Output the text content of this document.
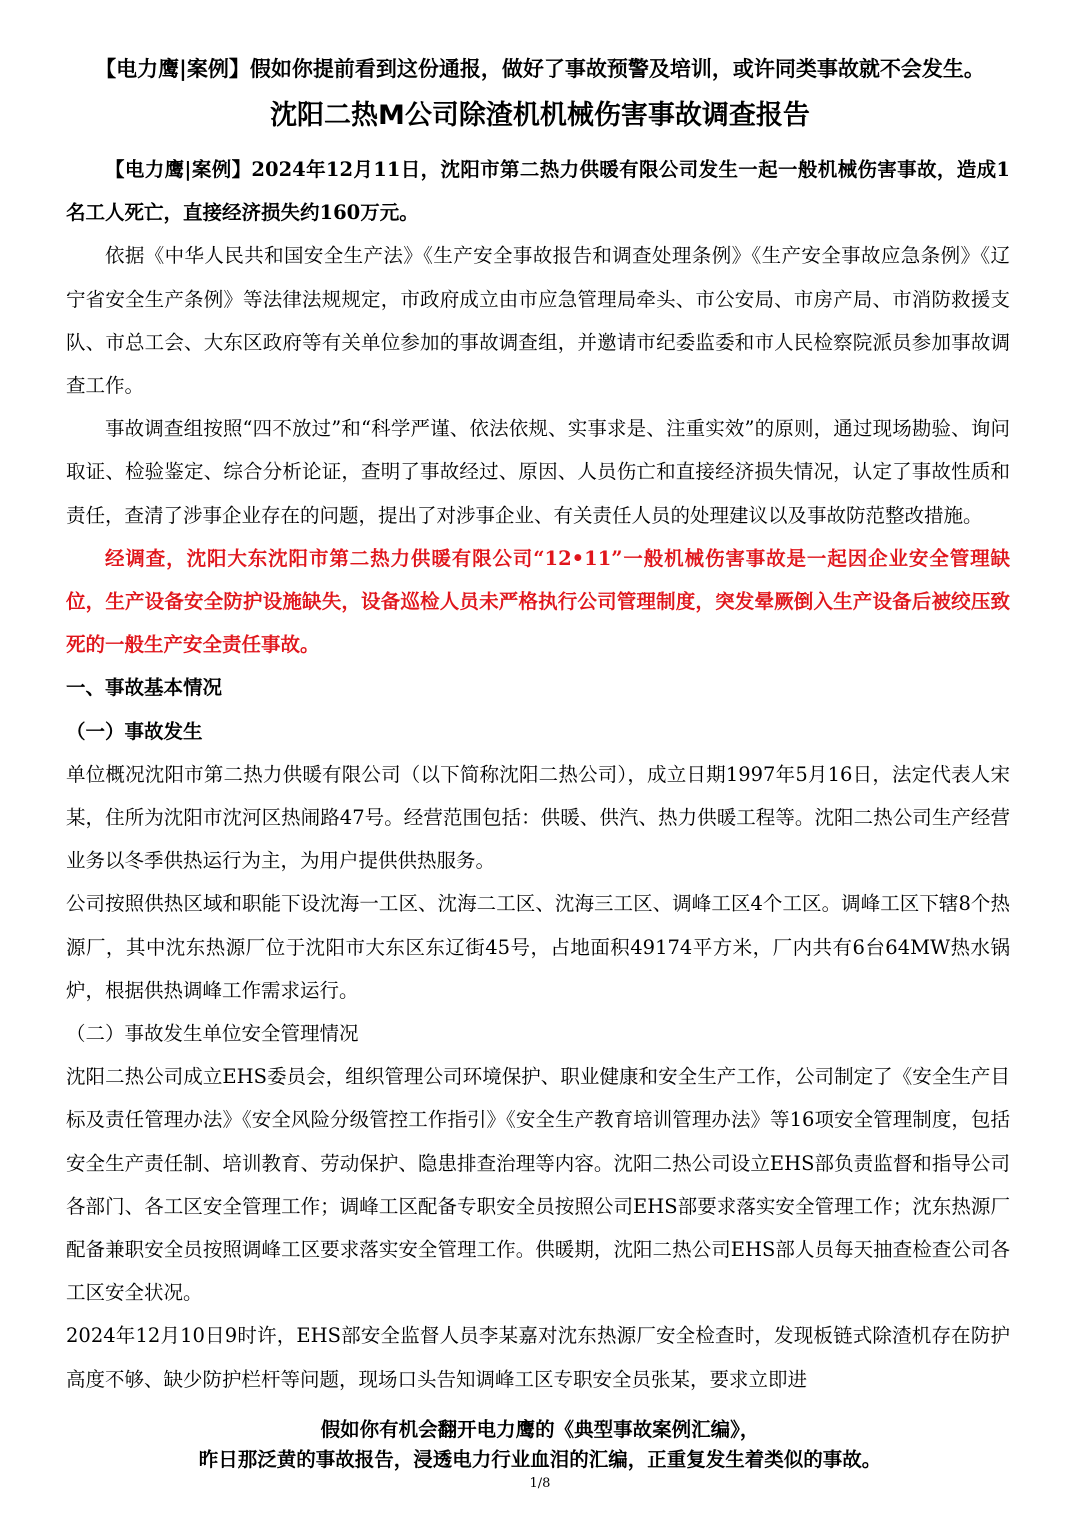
【电力鹰|案例】假如你提前看到这份通报，做好了事故预警及培训，或许同类事故就不会发生。
沈阳二热M公司除渣机机械伤害事故调查报告

【电力鹰|案例】2024年12月11日，沈阳市第二热力供暖有限公司发生一起一般机械伤害事故，造成1名工人死亡，直接经济损失约160万元。

依据《中华人民共和国安全生产法》《生产安全事故报告和调查处理条例》《生产安全事故应急条例》《辽宁省安全生产条例》等法律法规规定，市政府成立由市应急管理局牵头、市公安局、市房产局、市消防救援支队、市总工会、大东区政府等有关单位参加的事故调查组，并邀请市纪委监委和市人民检察院派员参加事故调查工作。

事故调查组按照“四不放过”和“科学严谨、依法依规、实事求是、注重实效”的原则，通过现场勘验、询问取证、检验鉴定、综合分析论证，查明了事故经过、原因、人员伤亡和直接经济损失情况，认定了事故性质和责任，查清了涉事企业存在的问题，提出了对涉事企业、有关责任人员的处理建议以及事故防范整改措施。

经调查，沈阳大东沈阳市第二热力供暖有限公司“12•11”一般机械伤害事故是一起因企业安全管理缺位，生产设备安全防护设施缺失，设备巡检人员未严格执行公司管理制度，突发晕厥倒入生产设备后被绞压致死的一般生产安全责任事故。

一、事故基本情况

（一）事故发生

单位概况沈阳市第二热力供暖有限公司（以下简称沈阳二热公司），成立日期1997年5月16日，法定代表人宋某，住所为沈阳市沈河区热闹路47号。经营范围包括：供暖、供汽、热力供暖工程等。沈阳二热公司生产经营业务以冬季供热运行为主，为用户提供供热服务。

公司按照供热区域和职能下设沈海一工区、沈海二工区、沈海三工区、调峰工区4个工区。调峰工区下辖8个热源厂，其中沈东热源厂位于沈阳市大东区东辽街45号，占地面积49174平方米，厂内共有6台64MW热水锅炉，根据供热调峰工作需求运行。

（二）事故发生单位安全管理情况

沈阳二热公司成立EHS委员会，组织管理公司环境保护、职业健康和安全生产工作，公司制定了《安全生产目标及责任管理办法》《安全风险分级管控工作指引》《安全生产教育培训管理办法》等16项安全管理制度，包括安全生产责任制、培训教育、劳动保护、隐患排查治理等内容。沈阳二热公司设立EHS部负责监督和指导公司各部门、各工区安全管理工作；调峰工区配备专职安全员按照公司EHS部要求落实安全管理工作；沈东热源厂配备兼职安全员按照调峰工区要求落实安全管理工作。供暖期，沈阳二热公司EHS部人员每天抽查检查公司各工区安全状况。

2024年12月10日9时许，EHS部安全监督人员李某嘉对沈东热源厂安全检查时，发现板链式除渣机存在防护高度不够、缺少防护栏杆等问题，现场口头告知调峰工区专职安全员张某，要求立即进

假如你有机会翻开电力鹰的《典型事故案例汇编》，
昨日那泛黄的事故报告，浸透电力行业血泪的汇编，正重复发生着类似的事故。
1/8
